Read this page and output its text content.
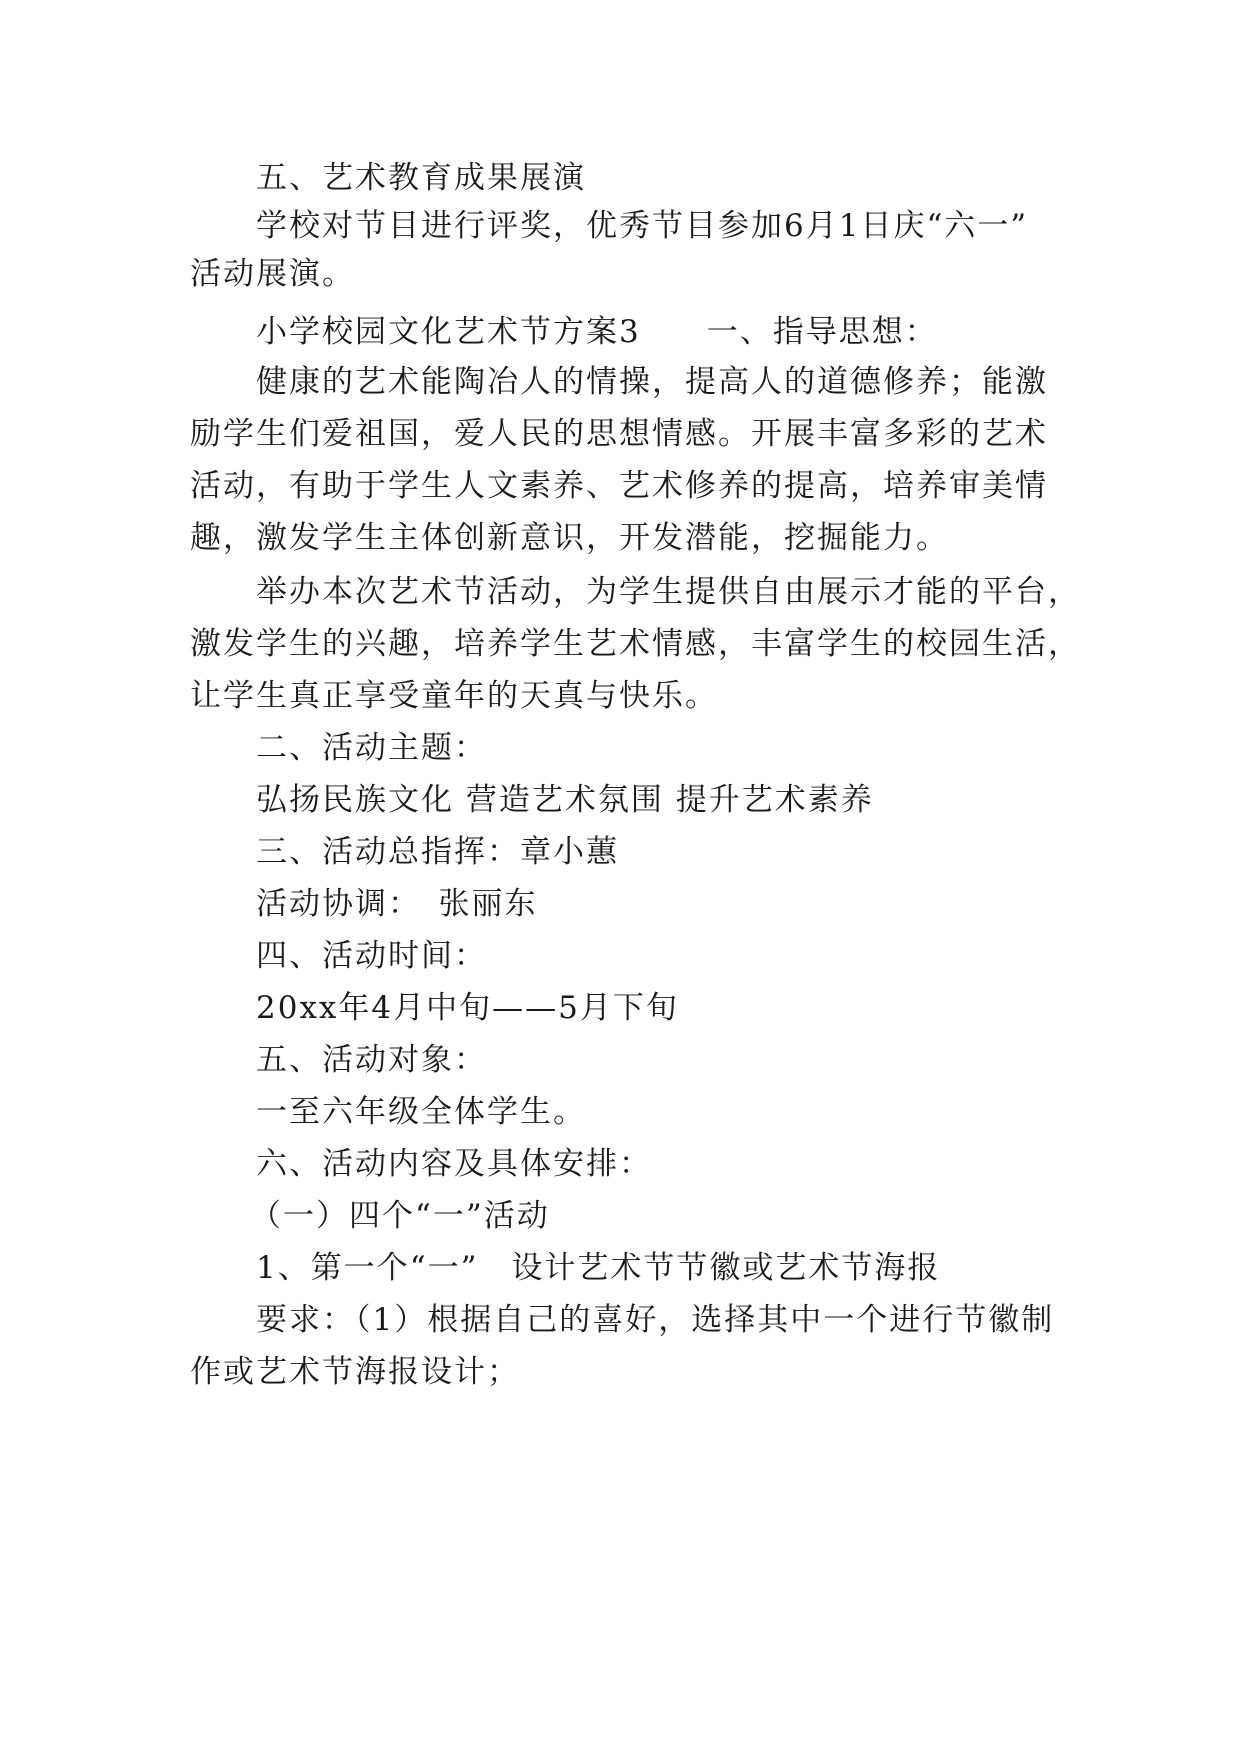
五、艺术教育成果展演
学校对节目进行评奖，优秀节目参加6月1日庆“六一”
活动展演。
小学校园文化艺术节方案3　　一、指导思想：
健康的艺术能陶冶人的情操，提高人的道德修养；能激
励学生们爱祖国，爱人民的思想情感。开展丰富多彩的艺术
活动，有助于学生人文素养、艺术修养的提高，培养审美情
趣，激发学生主体创新意识，开发潜能，挖掘能力。
举办本次艺术节活动，为学生提供自由展示才能的平台，
激发学生的兴趣，培养学生艺术情感，丰富学生的校园生活，
让学生真正享受童年的天真与快乐。
二、活动主题：
弘扬民族文化 营造艺术氛围 提升艺术素养
三、活动总指挥：章小蕙
活动协调：　张丽东
四、活动时间：
20xx年4月中旬——5月下旬
五、活动对象：
一至六年级全体学生。
六、活动内容及具体安排：
（一）四个“一”活动
1、第一个“一”　设计艺术节节徽或艺术节海报
要求：（1）根据自己的喜好，选择其中一个进行节徽制
作或艺术节海报设计；
